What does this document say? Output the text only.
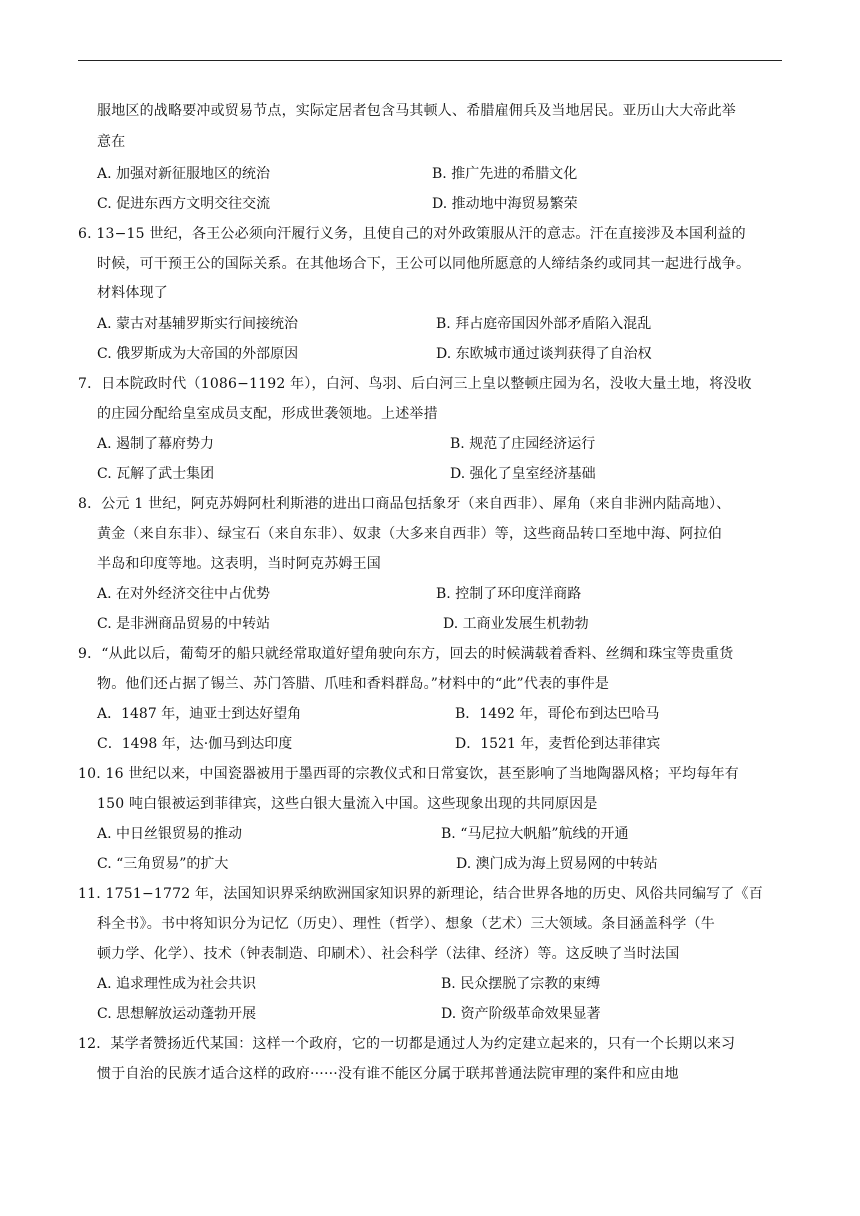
服地区的战略要冲或贸易节点，实际定居者包含马其顿人、希腊雇佣兵及当地居民。亚历山大大帝此举
意在
A. 加强对新征服地区的统治	B. 推广先进的希腊文化
C. 促进东西方文明交往交流	D. 推动地中海贸易繁荣
6. 13−15 世纪，各王公必须向汗履行义务，且使自己的对外政策服从汗的意志。汗在直接涉及本国利益的
时候，可干预王公的国际关系。在其他场合下，王公可以同他所愿意的人缔结条约或同其一起进行战争。
材料体现了
A. 蒙古对基辅罗斯实行间接统治	B. 拜占庭帝国因外部矛盾陷入混乱
C. 俄罗斯成为大帝国的外部原因	D. 东欧城市通过谈判获得了自治权
7．日本院政时代（1086−1192 年），白河、鸟羽、后白河三上皇以整顿庄园为名，没收大量土地，将没收
的庄园分配给皇室成员支配，形成世袭领地。上述举措
A. 遏制了幕府势力	B. 规范了庄园经济运行
C. 瓦解了武士集团	D. 强化了皇室经济基础
8．公元 1 世纪，阿克苏姆阿杜利斯港的进出口商品包括象牙（来自西非）、犀角（来自非洲内陆高地）、
黄金（来自东非）、绿宝石（来自东非）、奴隶（大多来自西非）等，这些商品转口至地中海、阿拉伯
半岛和印度等地。这表明，当时阿克苏姆王国
A. 在对外经济交往中占优势	B. 控制了环印度洋商路
C. 是非洲商品贸易的中转站	D. 工商业发展生机勃勃
9．“从此以后，葡萄牙的船只就经常取道好望角驶向东方，回去的时候满载着香料、丝绸和珠宝等贵重货
物。他们还占据了锡兰、苏门答腊、爪哇和香料群岛。”材料中的“此”代表的事件是
A．1487 年，迪亚士到达好望角	B．1492 年，哥伦布到达巴哈马
C．1498 年，达·伽马到达印度	D．1521 年，麦哲伦到达菲律宾
10. 16 世纪以来，中国瓷器被用于墨西哥的宗教仪式和日常宴饮，甚至影响了当地陶器风格；平均每年有
150 吨白银被运到菲律宾，这些白银大量流入中国。这些现象出现的共同原因是
A. 中日丝银贸易的推动	B. “马尼拉大帆船”航线的开通
C. “三角贸易”的扩大	D. 澳门成为海上贸易网的中转站
11. 1751−1772 年，法国知识界采纳欧洲国家知识界的新理论，结合世界各地的历史、风俗共同编写了《百
科全书》。书中将知识分为记忆（历史）、理性（哲学）、想象（艺术）三大领域。条目涵盖科学（牛
顿力学、化学）、技术（钟表制造、印刷术）、社会科学（法律、经济）等。这反映了当时法国
A. 追求理性成为社会共识	B. 民众摆脱了宗教的束缚
C. 思想解放运动蓬勃开展	D. 资产阶级革命效果显著
12．某学者赞扬近代某国：这样一个政府，它的一切都是通过人为约定建立起来的，只有一个长期以来习
惯于自治的民族才适合这样的政府······没有谁不能区分属于联邦普通法院审理的案件和应由地
